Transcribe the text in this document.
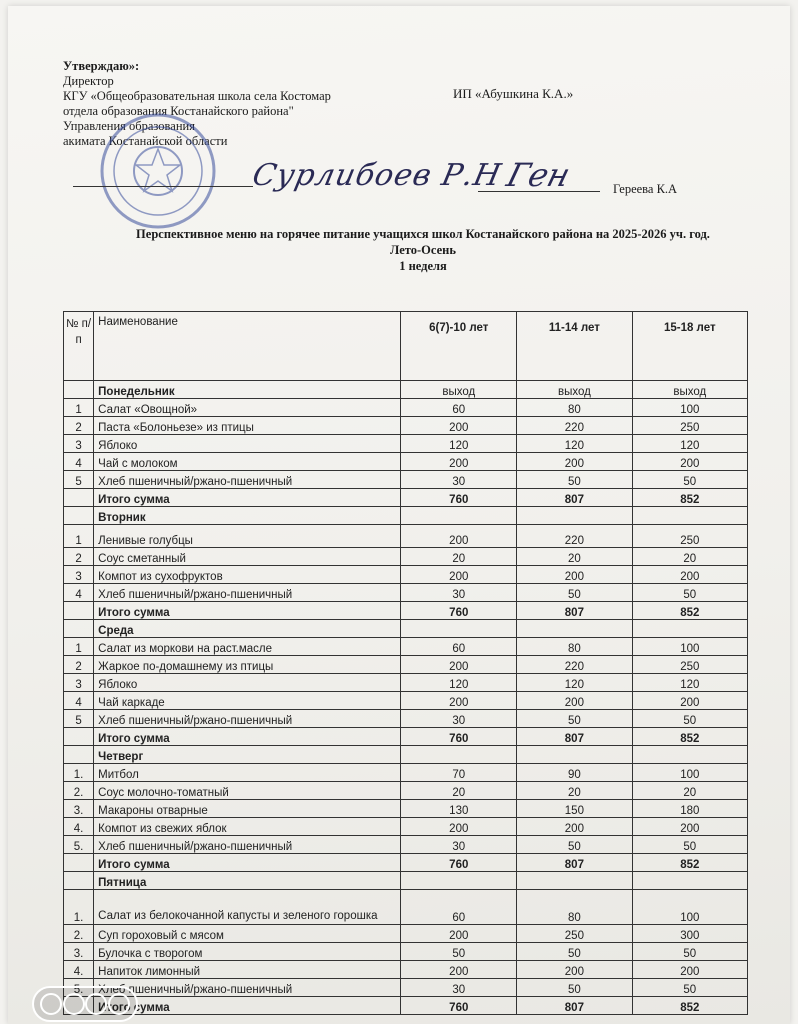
Утверждаю»:
Директор
КГУ «Общеобразовательная школа села Костомар
отдела образования Костанайского района"
Управления образования
акимата Костанайской области
ИП «Абушкина К.А.»
Сурлибоев Р.Н
Ген	Гереева К.А
Перспективное меню на горячее питание учащихся школ Костанайского района на 2025-2026 уч. год.
Лето-Осень
1 неделя
№ п/п	Наименование	6(7)-10 лет	11-14 лет	15-18 лет
	Понедельник	выход	выход	выход
1	Салат «Овощной»	60	80	100
2	Паста «Болоньезе» из птицы	200	220	250
3	Яблоко	120	120	120
4	Чай с молоком	200	200	200
5	Хлеб пшеничный/ржано-пшеничный	30	50	50
	Итого сумма	760	807	852
	Вторник			
1	Ленивые голубцы	200	220	250
2	Соус сметанный	20	20	20
3	Компот из сухофруктов	200	200	200
4	Хлеб пшеничный/ржано-пшеничный	30	50	50
	Итого сумма	760	807	852
	Среда			
1	Салат из моркови на раст.масле	60	80	100
2	Жаркое по-домашнему из птицы	200	220	250
3	Яблоко	120	120	120
4	Чай каркаде	200	200	200
5	Хлеб пшеничный/ржано-пшеничный	30	50	50
	Итого сумма	760	807	852
	Четверг			
1.	Митбол	70	90	100
2.	Соус молочно-томатный	20	20	20
3.	Макароны отварные	130	150	180
4.	Компот из свежих яблок	200	200	200
5.	Хлеб пшеничный/ржано-пшеничный	30	50	50
	Итого сумма	760	807	852
	Пятница			
1.	Салат из белокочанной капусты и зеленого горошка	60	80	100
2.	Суп гороховый с мясом	200	250	300
3.	Булочка с творогом	50	50	50
4.	Напиток лимонный	200	200	200
5.	Хлеб пшеничный/ржано-пшеничный	30	50	50
	Итого сумма	760	807	852
